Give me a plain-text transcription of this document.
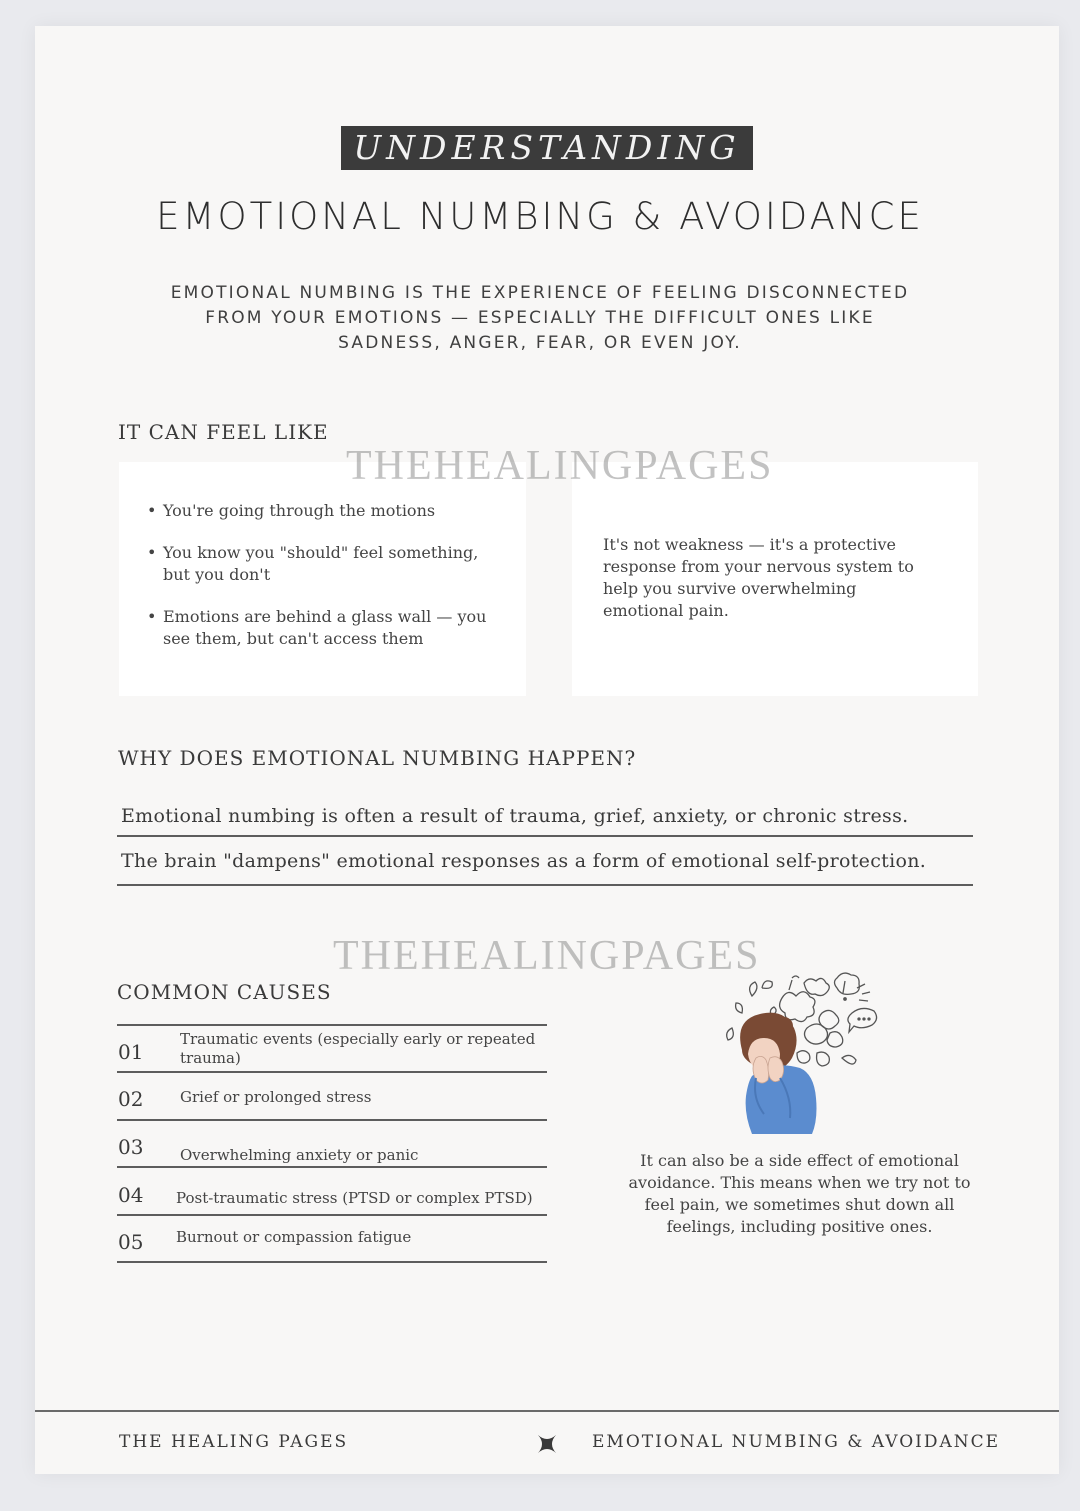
UNDERSTANDING
EMOTIONAL NUMBING & AVOIDANCE
EMOTIONAL NUMBING IS THE EXPERIENCE OF FEELING DISCONNECTED
FROM YOUR EMOTIONS — ESPECIALLY THE DIFFICULT ONES LIKE
SADNESS, ANGER, FEAR, OR EVEN JOY.
IT CAN FEEL LIKE
• You're going through the motions
• You know you "should" feel something, but you don't
• Emotions are behind a glass wall — you see them, but can't access them
It's not weakness — it's a protective response from your nervous system to help you survive overwhelming emotional pain.
THEHEALINGPAGES
WHY DOES EMOTIONAL NUMBING HAPPEN?
Emotional numbing is often a result of trauma, grief, anxiety, or chronic stress.
The brain "dampens" emotional responses as a form of emotional self-protection.
THEHEALINGPAGES
COMMON CAUSES
01
Traumatic events (especially early or repeated trauma)
02 Grief or prolonged stress
03 Overwhelming anxiety or panic
04 Post-traumatic stress (PTSD or complex PTSD)
05 Burnout or compassion fatigue
It can also be a side effect of emotional avoidance. This means when we try not to feel pain, we sometimes shut down all feelings, including positive ones.
THE HEALING PAGES	EMOTIONAL NUMBING & AVOIDANCE
